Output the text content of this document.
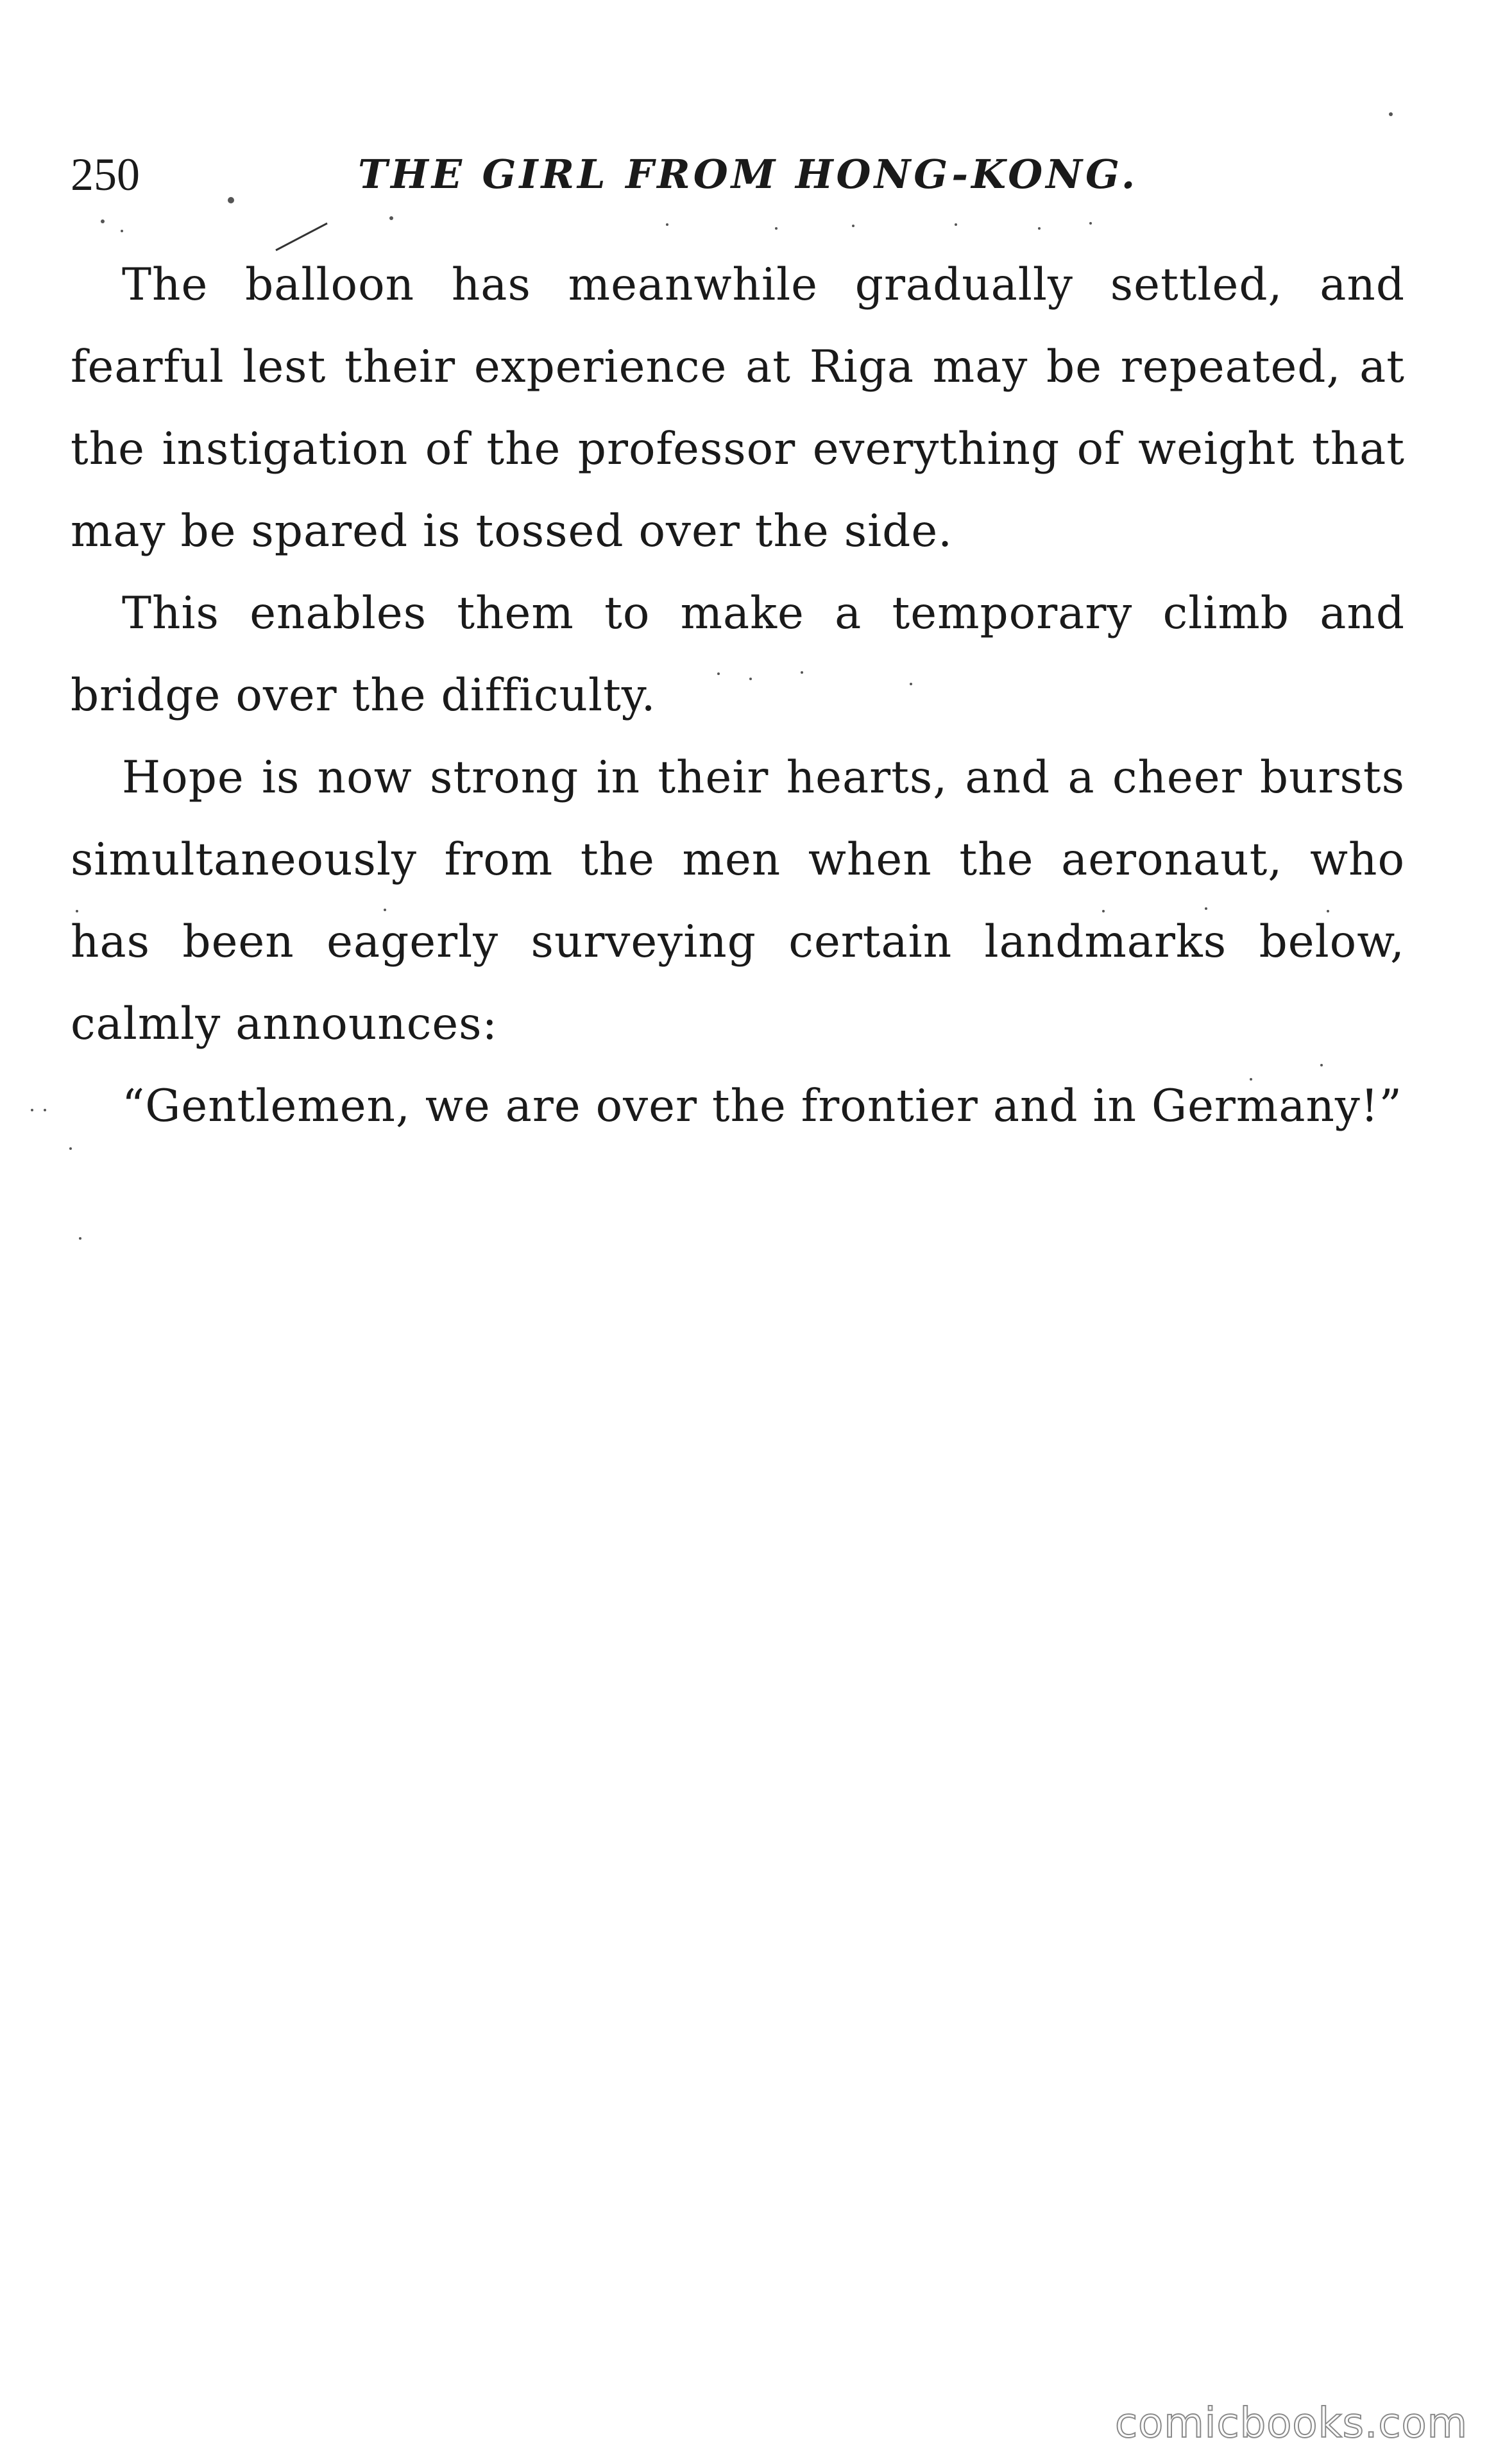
250	THE GIRL FROM HONG-KONG.

The balloon has meanwhile gradually settled, and fearful lest their experience at Riga may be repeated, at the instigation of the professor everything of weight that may be spared is tossed over the side.

This enables them to make a temporary climb and bridge over the difficulty.

Hope is now strong in their hearts, and a cheer bursts simultaneously from the men when the aeronaut, who has been eagerly surveying certain landmarks below, calmly announces:

“Gentlemen, we are over the frontier and in Germany!”

comicbooks.com
